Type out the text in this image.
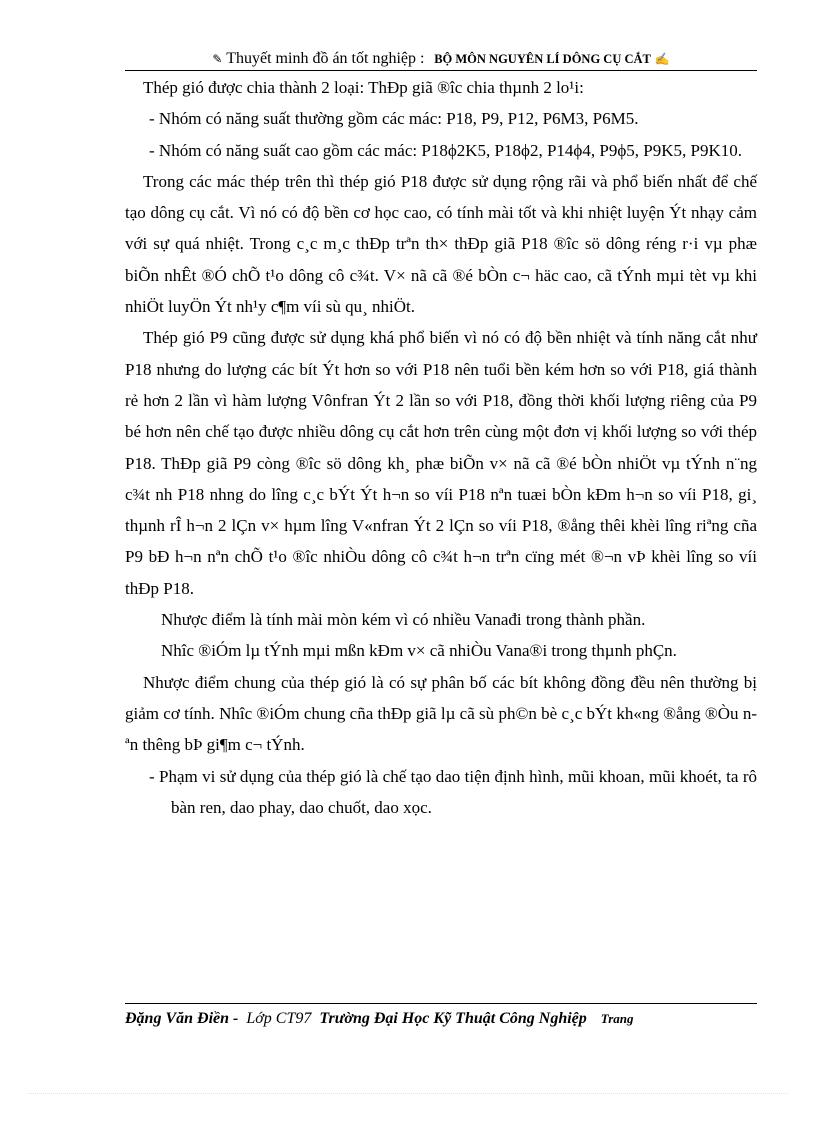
✎ Thuyết minh đồ án tốt nghiệp : BỘ MÔN NGUYÊN LÍ DÔNG CỤ CẮT ✍

Thép gió được chia thành 2 loại: ThÐp giã ®îc chia thµnh 2 lo¹i:

- Nhóm có năng suất thường gồm các mác: P18, P9, P12, P6M3, P6M5.

- Nhóm có năng suất cao gồm các mác: P18ϕ2K5, P18ϕ2, P14ϕ4, P9ϕ5, P9K5, P9K10.

Trong các mác thép trên thì thép gió P18 được sử dụng rộng rãi và phổ biến nhất để chế tạo dông cụ cắt. Vì nó có độ bền cơ học cao, có tính mài tốt và khi nhiệt luyện Ýt nhạy cảm với sự quá nhiệt. Trong c¸c m¸c thÐp trªn th× thÐp giã P18 ®îc sö dông réng r·i vµ phæ biÕn nhÊt ®Ó chÕ t¹o dông cô c¾t. V× nã cã ®é bÒn c¬ häc cao, cã tÝnh mµi tèt vµ khi nhiÖt luyÖn Ýt nh¹y c¶m víi sù qu¸ nhiÖt.

Thép gió P9 cũng được sử dụng khá phổ biến vì nó có độ bền nhiệt và tính năng cắt như P18 nhưng do lượng các bít Ýt hơn so với P18 nên tuổi bền kém hơn so với P18, giá thành rẻ hơn 2 lần vì hàm lượng Vônfran Ýt 2 lần so với P18, đồng thời khối lượng riêng của P9 bé hơn nên chế tạo được nhiều dông cụ cắt hơn trên cùng một đơn vị khối lượng so với thép P18. ThÐp giã P9 còng ®îc sö dông kh¸ phæ biÕn v× nã cã ®é bÒn nhiÖt vµ tÝnh n¨ng c¾t nh P18 nhng do lîng c¸c bÝt Ýt h¬n so víi P18 nªn tuæi bÒn kÐm h¬n so víi P18, gi¸ thµnh rÎ h¬n 2 lÇn v× hµm lîng V«nfran Ýt 2 lÇn so víi P18, ®ång thêi khèi lîng riªng cña P9 bÐ h¬n nªn chÕ t¹o ®îc nhiÒu dông cô c¾t h¬n trªn cïng mét ®¬n vÞ khèi lîng so víi thÐp P18.

Nhược điểm là tính mài mòn kém vì có nhiều Vanađi trong thành phần.

Nhîc ®iÓm lµ tÝnh mµi mßn kÐm v× cã nhiÒu Vana®i trong thµnh phÇn.

Nhược điểm chung của thép gió là có sự phân bố các bít không đồng đều nên thường bị giảm cơ tính. Nhîc ®iÓm chung cña thÐp giã lµ cã sù ph©n bè c¸c bÝt kh«ng ®ång ®Òu nªn thêng bÞ gi¶m c¬ tÝnh.

- Phạm vi sử dụng của thép gió là chế tạo dao tiện định hình, mũi khoan, mũi khoét, ta rô bàn ren, dao phay, dao chuốt, dao xọc.

Đặng Văn Điền - Lớp CT97 Trường Đại Học Kỹ Thuật Công Nghiệp Trang
